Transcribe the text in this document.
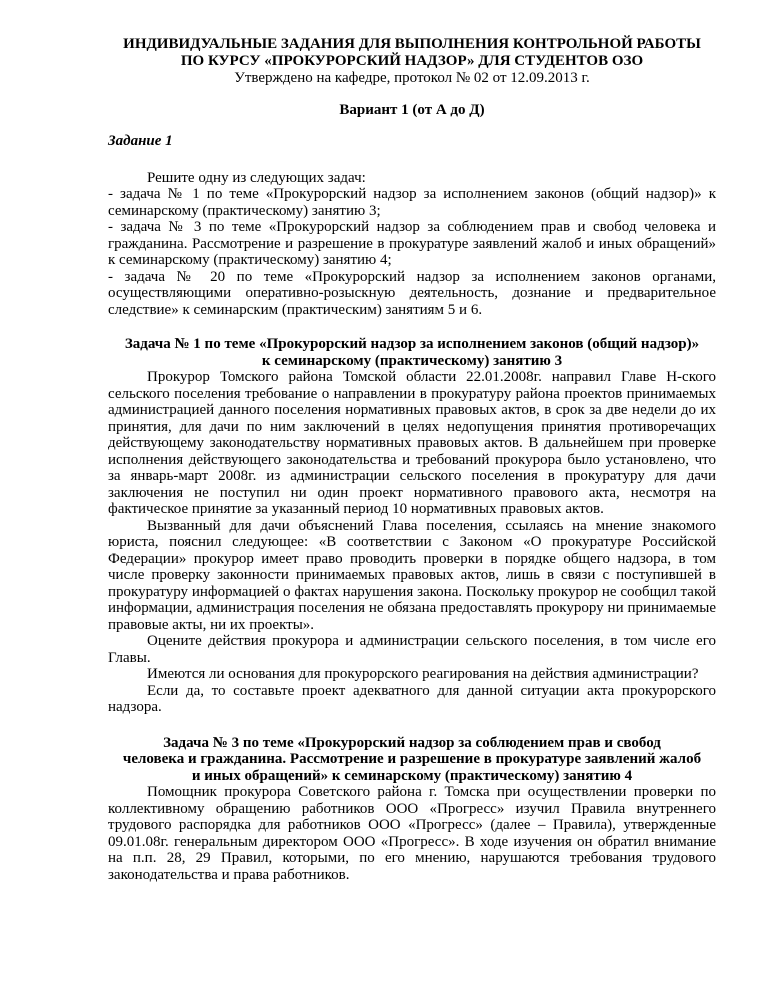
ИНДИВИДУАЛЬНЫЕ ЗАДАНИЯ ДЛЯ ВЫПОЛНЕНИЯ КОНТРОЛЬНОЙ РАБОТЫ

ПО КУРСУ «ПРОКУРОРСКИЙ НАДЗОР» ДЛЯ СТУДЕНТОВ ОЗО

Утверждено на кафедре, протокол № 02 от 12.09.2013 г.

Вариант 1 (от А до Д)

Задание 1

Решите одну из следующих задач:

- задача № 1 по теме «Прокурорский надзор за исполнением законов (общий надзор)» к семинарскому (практическому) занятию 3;

- задача № 3 по теме «Прокурорский надзор за соблюдением прав и свобод человека и гражданина. Рассмотрение и разрешение в прокуратуре заявлений жалоб и иных обращений» к семинарскому (практическому) занятию 4;

- задача № 20 по теме «Прокурорский надзор за исполнением законов органами, осуществляющими оперативно-розыскную деятельность, дознание и предварительное следствие» к семинарским (практическим) занятиям 5 и 6.

Задача № 1 по теме «Прокурорский надзор за исполнением законов (общий надзор)»

к семинарскому (практическому) занятию 3

Прокурор Томского района Томской области 22.01.2008г. направил Главе Н-ского сельского поселения требование о направлении в прокуратуру района проектов принимаемых администрацией данного поселения нормативных правовых актов, в срок за две недели до их принятия, для дачи по ним заключений в целях недопущения принятия противоречащих действующему законодательству нормативных правовых актов. В дальнейшем при проверке исполнения действующего законодательства и требований прокурора было установлено, что за январь-март 2008г. из администрации сельского поселения в прокуратуру для дачи заключения не поступил ни один проект нормативного правового акта, несмотря на фактическое принятие за указанный период 10 нормативных правовых актов.

Вызванный для дачи объяснений Глава поселения, ссылаясь на мнение знакомого юриста, пояснил следующее: «В соответствии с Законом «О прокуратуре Российской Федерации» прокурор имеет право проводить проверки в порядке общего надзора, в том числе проверку законности принимаемых правовых актов, лишь в связи с поступившей в прокуратуру информацией о фактах нарушения закона. Поскольку прокурор не сообщил такой информации, администрация поселения не обязана предоставлять прокурору ни принимаемые правовые акты, ни их проекты».

Оцените действия прокурора и администрации сельского поселения, в том числе его Главы.

Имеются ли основания для прокурорского реагирования на действия администрации?

Если да, то составьте проект адекватного для данной ситуации акта прокурорского надзора.

Задача № 3 по теме «Прокурорский надзор за соблюдением прав и свобод

человека и гражданина. Рассмотрение и разрешение в прокуратуре заявлений жалоб

и иных обращений» к семинарскому (практическому) занятию 4

Помощник прокурора Советского района г. Томска при осуществлении проверки по коллективному обращению работников ООО «Прогресс» изучил Правила внутреннего трудового распорядка для работников ООО «Прогресс» (далее – Правила), утвержденные 09.01.08г. генеральным директором ООО «Прогресс». В ходе изучения он обратил внимание на п.п. 28, 29 Правил, которыми, по его мнению, нарушаются требования трудового законодательства и права работников.
